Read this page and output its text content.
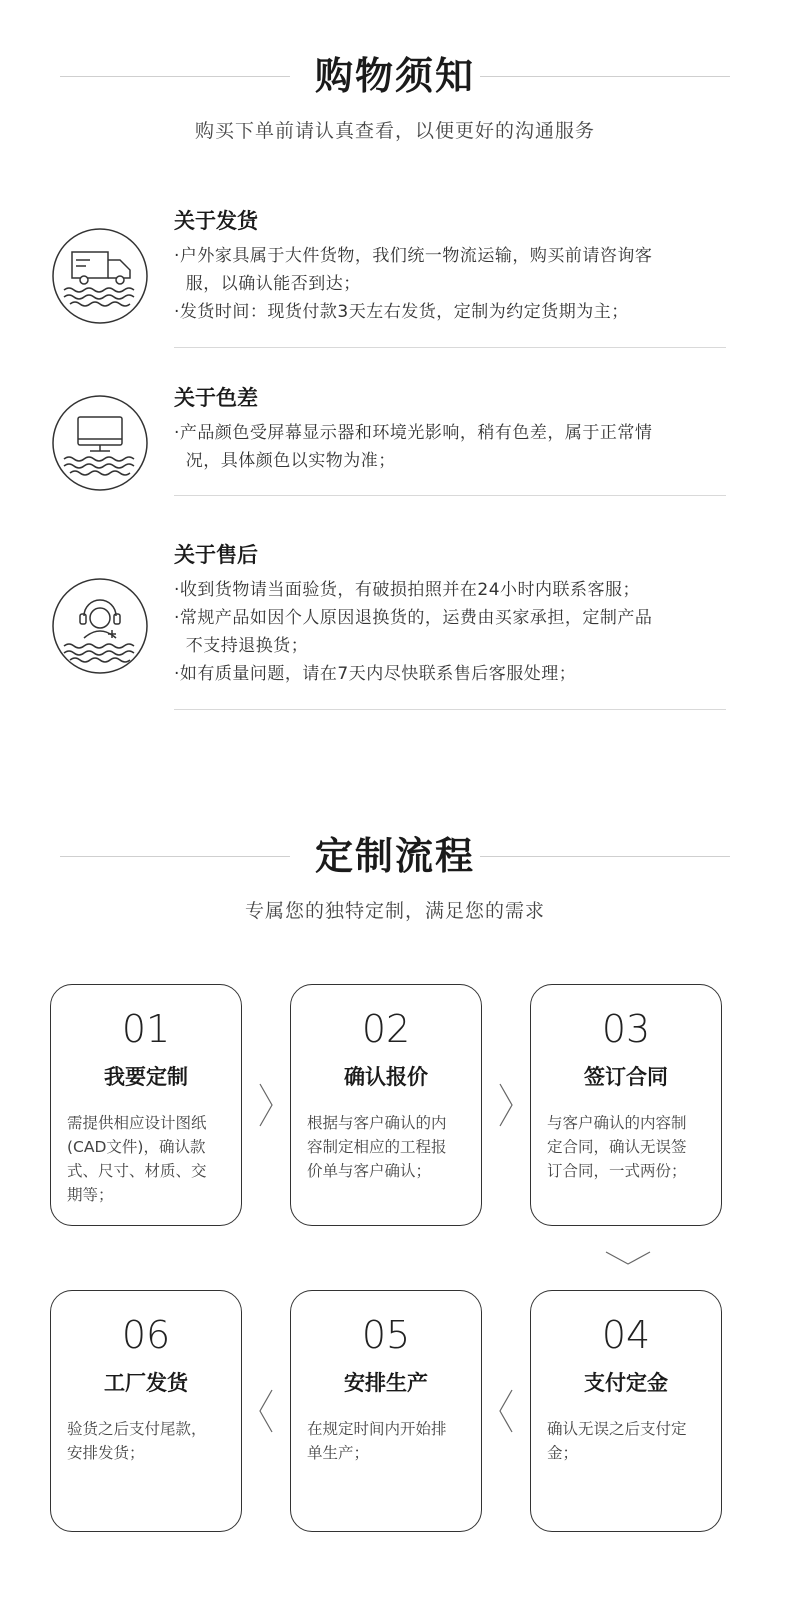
购物须知
购买下单前请认真查看，以便更好的沟通服务
关于发货
·户外家具属于大件货物，我们统一物流运输，购买前请咨询客
服，以确认能否到达；
·发货时间：现货付款3天左右发货，定制为约定货期为主；
关于色差
·产品颜色受屏幕显示器和环境光影响，稍有色差，属于正常情
况，具体颜色以实物为准；
关于售后
·收到货物请当面验货，有破损拍照并在24小时内联系客服；
·常规产品如因个人原因退换货的，运费由买家承担，定制产品
不支持退换货；
·如有质量问题，请在7天内尽快联系售后客服处理；
定制流程
专属您的独特定制，满足您的需求
01
我要定制
需提供相应设计图纸
(CAD文件)，确认款
式、尺寸、材质、交
期等；
02
确认报价
根据与客户确认的内
容制定相应的工程报
价单与客户确认；
03
签订合同
与客户确认的内容制
定合同，确认无误签
订合同，一式两份；
06
工厂发货
验货之后支付尾款，
安排发货；
05
安排生产
在规定时间内开始排
单生产；
04
支付定金
确认无误之后支付定
金；
